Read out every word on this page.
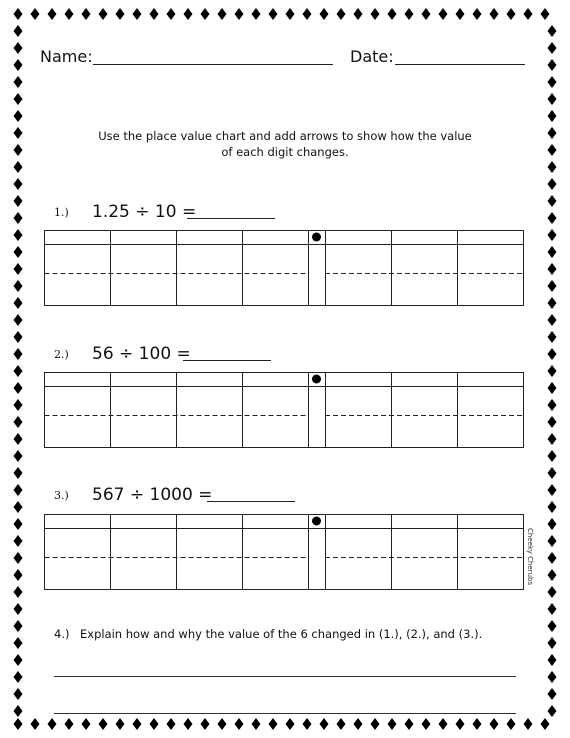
Name:	Date:
Use the place value chart and add arrows to show how the value
of each digit changes.
1.) 1.25 ÷ 10 =
2.) 56 ÷ 100 =
3.) 567 ÷ 1000 =
Cheeky Cherubs
4.) Explain how and why the value of the 6 changed in (1.), (2.), and (3.).
